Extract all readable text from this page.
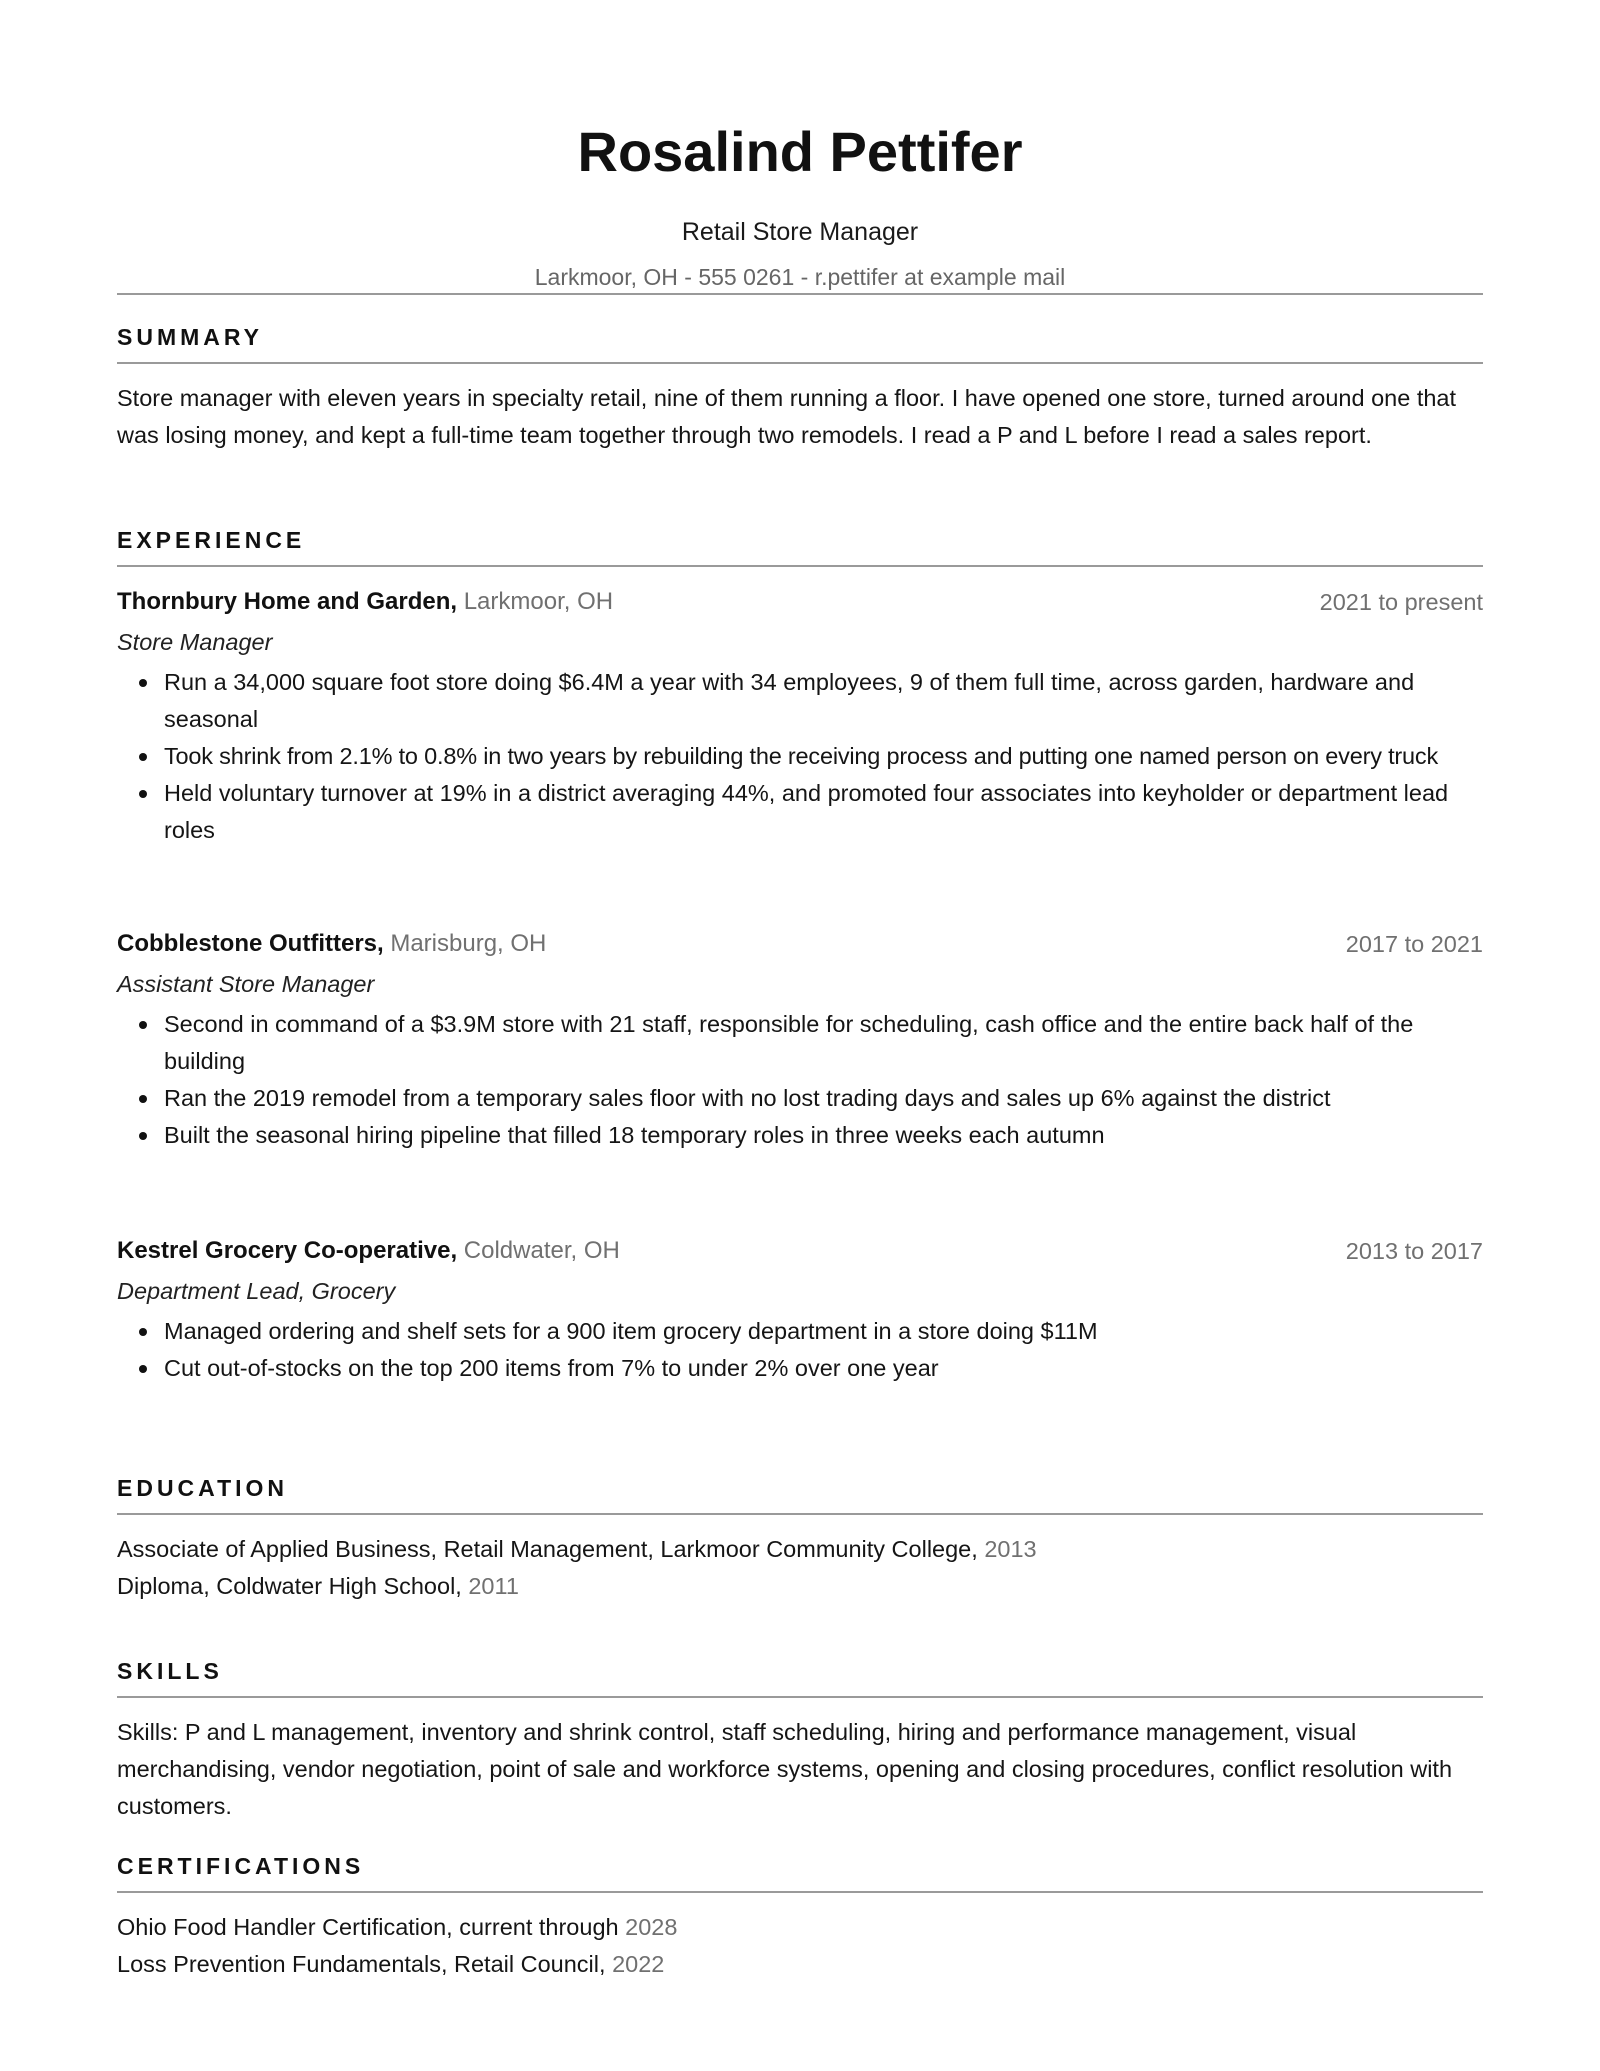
Rosalind Pettifer
Retail Store Manager
Larkmoor, OH - 555 0261 - r.pettifer at example mail
SUMMARY

Store manager with eleven years in specialty retail, nine of them running a floor. I have opened one store, turned around one that was losing money, and kept a full-time team together through two remodels. I read a P and L before I read a sales report.

EXPERIENCE
Thornbury Home and Garden, Larkmoor, OH	2021 to present
Store Manager
Run a 34,000 square foot store doing $6.4M a year with 34 employees, 9 of them full time, across garden, hardware and seasonal
Took shrink from 2.1% to 0.8% in two years by rebuilding the receiving process and putting one named person on every truck
Held voluntary turnover at 19% in a district averaging 44%, and promoted four associates into keyholder or department lead roles
Cobblestone Outfitters, Marisburg, OH	2017 to 2021
Assistant Store Manager
Second in command of a $3.9M store with 21 staff, responsible for scheduling, cash office and the entire back half of the building
Ran the 2019 remodel from a temporary sales floor with no lost trading days and sales up 6% against the district
Built the seasonal hiring pipeline that filled 18 temporary roles in three weeks each autumn
Kestrel Grocery Co-operative, Coldwater, OH	2013 to 2017
Department Lead, Grocery
Managed ordering and shelf sets for a 900 item grocery department in a store doing $11M
Cut out-of-stocks on the top 200 items from 7% to under 2% over one year
EDUCATION
Associate of Applied Business, Retail Management, Larkmoor Community College, 2013
Diploma, Coldwater High School, 2011
SKILLS

Skills: P and L management, inventory and shrink control, staff scheduling, hiring and performance management, visual merchandising, vendor negotiation, point of sale and workforce systems, opening and closing procedures, conflict resolution with customers.

CERTIFICATIONS
Ohio Food Handler Certification, current through 2028
Loss Prevention Fundamentals, Retail Council, 2022
